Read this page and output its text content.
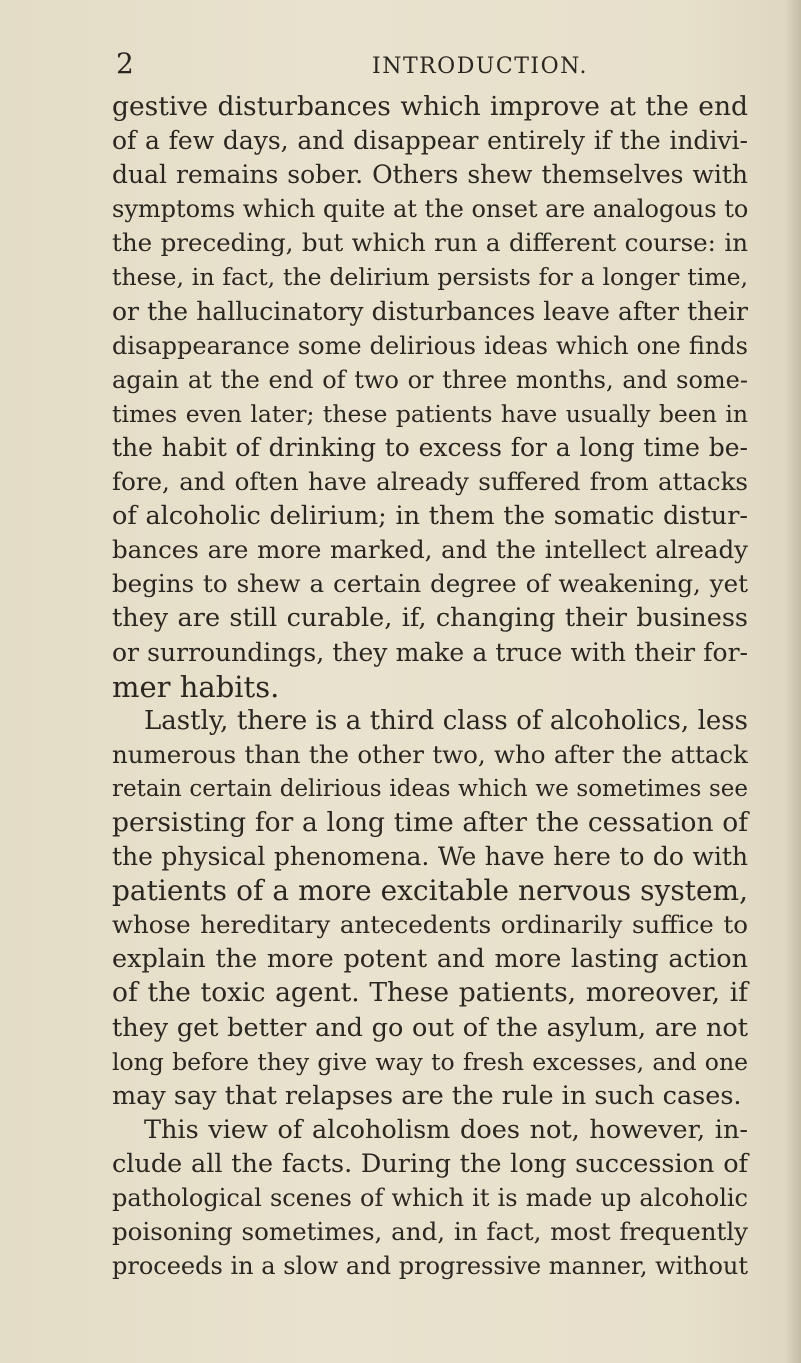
2	INTRODUCTION.
gestive disturbances which improve at the end
of a few days, and disappear entirely if the indivi-
dual remains sober. Others shew themselves with
symptoms which quite at the onset are analogous to
the preceding, but which run a different course: in
these, in fact, the delirium persists for a longer time,
or the hallucinatory disturbances leave after their
disappearance some delirious ideas which one finds
again at the end of two or three months, and some-
times even later; these patients have usually been in
the habit of drinking to excess for a long time be-
fore, and often have already suffered from attacks
of alcoholic delirium; in them the somatic distur-
bances are more marked, and the intellect already
begins to shew a certain degree of weakening, yet
they are still curable, if, changing their business
or surroundings, they make a truce with their for-
mer habits.
Lastly, there is a third class of alcoholics, less
numerous than the other two, who after the attack
retain certain delirious ideas which we sometimes see
persisting for a long time after the cessation of
the physical phenomena. We have here to do with
patients of a more excitable nervous system,
whose hereditary antecedents ordinarily suffice to
explain the more potent and more lasting action
of the toxic agent. These patients, moreover, if
they get better and go out of the asylum, are not
long before they give way to fresh excesses, and one
may say that relapses are the rule in such cases.
This view of alcoholism does not, however, in-
clude all the facts. During the long succession of
pathological scenes of which it is made up alcoholic
poisoning sometimes, and, in fact, most frequently
proceeds in a slow and progressive manner, without
